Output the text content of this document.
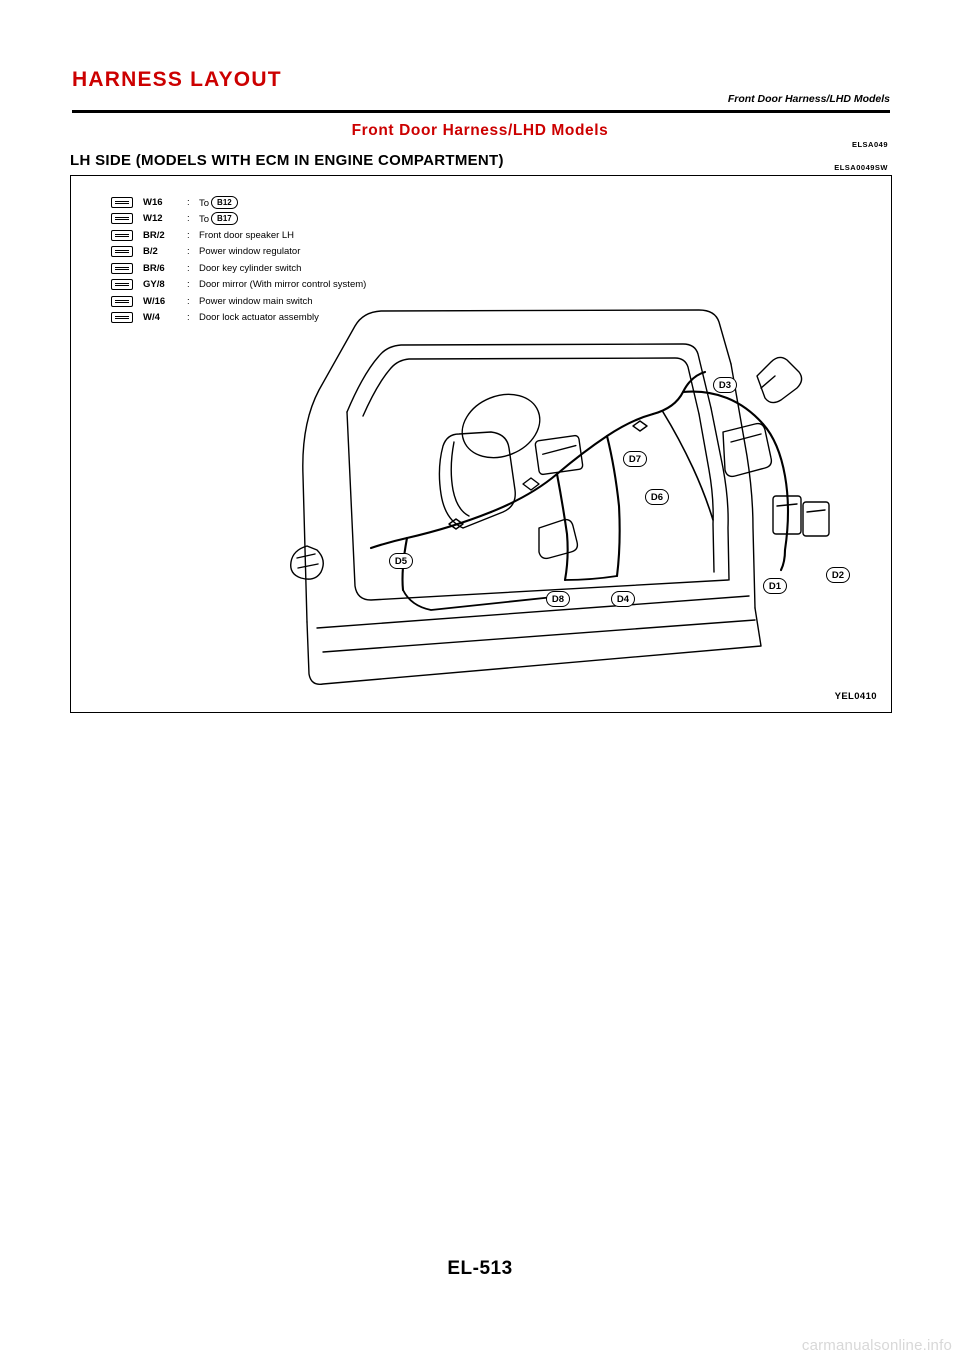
HARNESS LAYOUT
Front Door Harness/LHD Models
Front Door Harness/LHD Models
ELSA049
LH SIDE (MODELS WITH ECM IN ENGINE COMPARTMENT)	ELSA0049SW
W16	: To B12
W12	: To B17
BR/2	: Front door speaker LH
B/2	: Power window regulator
BR/6	: Door key cylinder switch
GY/8	: Door mirror (With mirror control system)
W/16	: Power window main switch
W/4	: Door lock actuator assembly
D3
D7
D6
D5
D8	D4
D1
D2
YEL0410
EL-513
carmanualsonline.info
